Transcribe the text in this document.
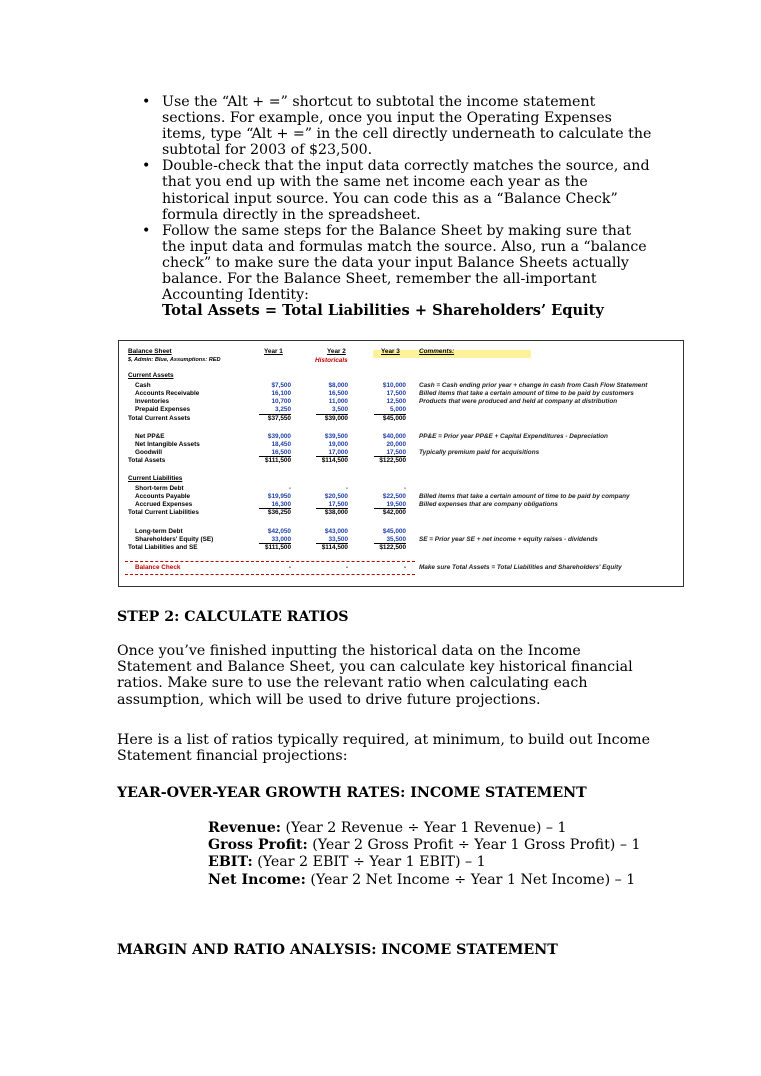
• Use the “Alt + =” shortcut to subtotal the income statement sections. For example, once you input the Operating Expenses items, type “Alt + =” in the cell directly underneath to calculate the subtotal for 2003 of $23,500.
• Double-check that the input data correctly matches the source, and that you end up with the same net income each year as the historical input source. You can code this as a “Balance Check” formula directly in the spreadsheet.
• Follow the same steps for the Balance Sheet by making sure that the input data and formulas match the source. Also, run a “balance check” to make sure the data your input Balance Sheets actually balance. For the Balance Sheet, remember the all-important Accounting Identity:
Total Assets = Total Liabilities + Shareholders’ Equity
Balance Sheet
$, Admin: Blue, Assumptions: RED
Year 1	Year 2	Year 3
Historicals
Comments:
Current Assets
Cash	$7,500	$8,000	$10,000 Cash = Cash ending prior year + change in cash from Cash Flow Statement
Accounts Receivable	16,100	16,500	17,500 Billed items that take a certain amount of time to be paid by customers
Inventories	10,700	11,000	12,500 Products that were produced and held at company at distribution
Prepaid Expenses	3,250	3,500	5,000
Total Current Assets	$37,550	$39,000	$45,000
Net PP&E	$39,000	$39,500	$40,000 PP&E = Prior year PP&E + Capital Expenditures - Depreciation
Net Intangible Assets	18,450	19,000	20,000
Goodwill	16,500	17,000	17,500 Typically premium paid for acquisitions
Total Assets	$111,500	$114,500	$122,500
Current Liabilities
Short-term Debt	-	-	-
Accounts Payable	$19,950	$20,500	$22,500 Billed items that take a certain amount of time to be paid by company
Accrued Expenses	16,300	17,500	19,500 Billed expenses that are company obligations
Total Current Liabilities	$36,250	$38,000	$42,000
Long-term Debt	$42,050	$43,000	$45,000
Shareholders' Equity (SE)	33,000	33,500	35,500 SE = Prior year SE + net income + equity raises - dividends
Total Liabilities and SE	$111,500	$114,500	$122,500
Balance Check	-	-	- Make sure Total Assets = Total Liabilities and Shareholders' Equity
STEP 2: CALCULATE RATIOS

Once you’ve finished inputting the historical data on the Income Statement and Balance Sheet, you can calculate key historical financial ratios. Make sure to use the relevant ratio when calculating each assumption, which will be used to drive future projections.

Here is a list of ratios typically required, at minimum, to build out Income Statement financial projections:

YEAR-OVER-YEAR GROWTH RATES: INCOME STATEMENT
Revenue: (Year 2 Revenue ÷ Year 1 Revenue) – 1
Gross Profit: (Year 2 Gross Profit ÷ Year 1 Gross Profit) – 1
EBIT: (Year 2 EBIT ÷ Year 1 EBIT) – 1
Net Income: (Year 2 Net Income ÷ Year 1 Net Income) – 1
MARGIN AND RATIO ANALYSIS: INCOME STATEMENT
